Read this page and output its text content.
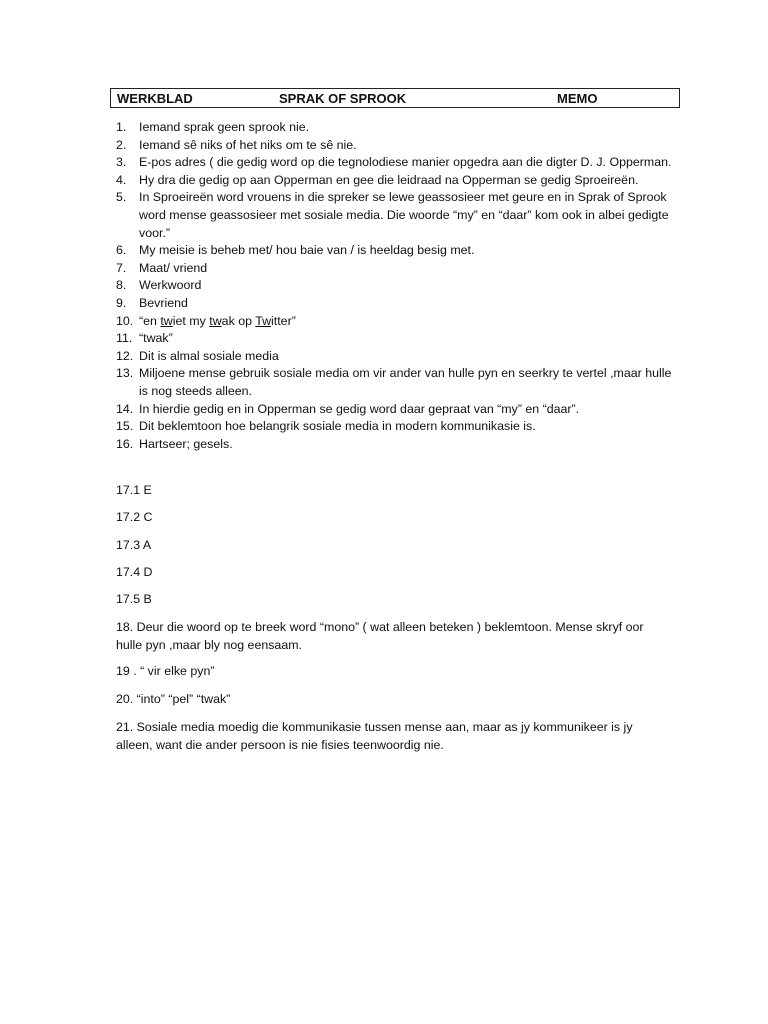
WERKBLAD	SPRAK OF SPROOK	MEMO
1. Iemand sprak geen sprook nie.
2. Iemand sê niks of het niks om te sê nie.
3. E-pos adres ( die gedig word op die tegnolodiese manier opgedra aan die digter D. J. Opperman.
4. Hy dra die gedig op aan Opperman en gee die leidraad na Opperman se gedig Sproeireën.
5. In Sproeireën word vrouens in die spreker se lewe geassosieer met geure en in Sprak of Sprook word mense geassosieer met sosiale media. Die woorde “my” en “daar” kom ook in albei gedigte voor.”
6. My meisie is beheb met/ hou baie van / is heeldag besig met.
7. Maat/ vriend
8. Werkwoord
9. Bevriend
10. “en twiet my twak op Twitter”
11. “twak”
12. Dit is almal sosiale media
13. Miljoene mense gebruik sosiale media om vir ander van hulle pyn en seerkry te vertel ,maar hulle is nog steeds alleen.
14. In hierdie gedig en in Opperman se gedig word daar gepraat van “my” en “daar”.
15. Dit beklemtoon hoe belangrik sosiale media in modern kommunikasie is.
16. Hartseer; gesels.
17.1 E
17.2 C
17.3 A
17.4 D
17.5 B
18. Deur die woord op te breek word “mono” ( wat alleen beteken ) beklemtoon. Mense skryf oor hulle pyn ,maar bly nog eensaam.
19 . “ vir elke pyn”
20. “into” “pel” “twak”
21. Sosiale media moedig die kommunikasie tussen mense aan, maar as jy kommunikeer is jy alleen, want die ander persoon is nie fisies teenwoordig nie.
